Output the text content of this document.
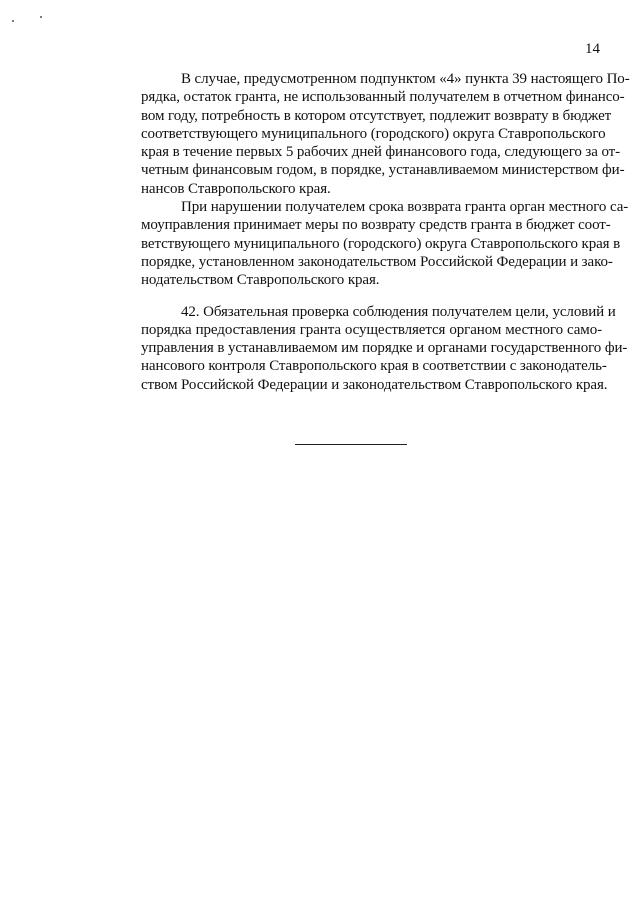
14

В случае, предусмотренном подпунктом «4» пункта 39 настоящего По-
рядка, остаток гранта, не использованный получателем в отчетном финансо-
вом году, потребность в котором отсутствует, подлежит возврату в бюджет
соответствующего муниципального (городского) округа Ставропольского
края в течение первых 5 рабочих дней финансового года, следующего за от-
четным финансовым годом, в порядке, устанавливаемом министерством фи-
нансов Ставропольского края.

При нарушении получателем срока возврата гранта орган местного са-
моуправления принимает меры по возврату средств гранта в бюджет соот-
ветствующего муниципального (городского) округа Ставропольского края в
порядке, установленном законодательством Российской Федерации и зако-
нодательством Ставропольского края.

42. Обязательная проверка соблюдения получателем цели, условий и
порядка предоставления гранта осуществляется органом местного само-
управления в устанавливаемом им порядке и органами государственного фи-
нансового контроля Ставропольского края в соответствии с законодатель-
ством Российской Федерации и законодательством Ставропольского края.
